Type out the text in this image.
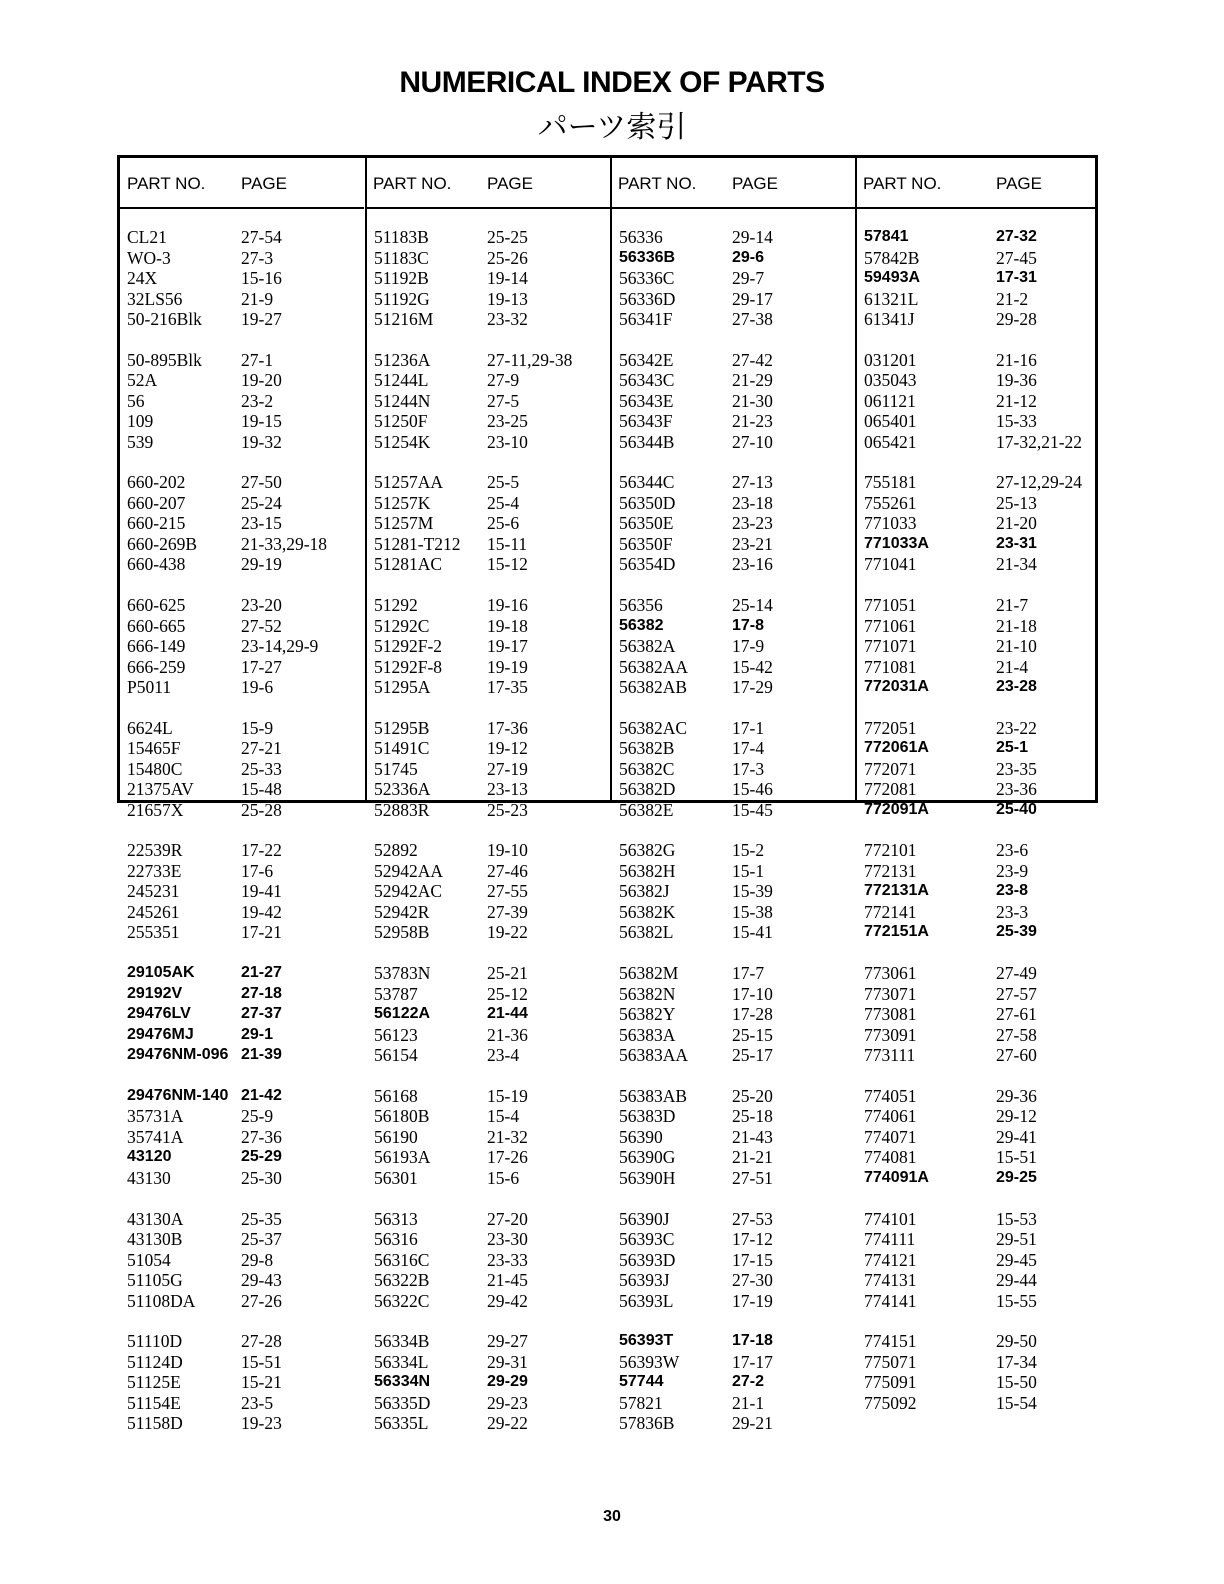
NUMERICAL INDEX OF PARTS
パーツ索引
PART NO. PAGE
CL21	27-54
WO-3	27-3
24X	15-16
32LS56	21-9
50-216Blk 19-27
50-895Blk 27-1
52A	19-20
56	23-2
109	19-15
539	19-32
660-202	27-50
660-207	25-24
660-215	23-15
660-269B	21-33,29-18
660-438	29-19
660-625	23-20
660-665	27-52
666-149	23-14,29-9
666-259	17-27
P5011	19-6
6624L	15-9
15465F	27-21
15480C	25-33
21375AV	15-48
21657X	25-28
22539R	17-22
22733E	17-6
245231	19-41
245261	19-42
255351	17-21
29105AK	21-27
29192V	27-18
29476LV	27-37
29476MJ	29-1
29476NM-096 21-39
29476NM-140 21-42
35731A	25-9
35741A	27-36
43120	25-29
43130	25-30
43130A	25-35
43130B	25-37
51054	29-8
51105G	29-43
51108DA	27-26
51110D	27-28
51124D	15-51
51125E	15-21
51154E	23-5
51158D	19-23
PART NO. PAGE
51183B	25-25
51183C	25-26
51192B	19-14
51192G	19-13
51216M	23-32
51236A	27-11,29-38
51244L	27-9
51244N	27-5
51250F	23-25
51254K	23-10
51257AA	25-5
51257K	25-4
51257M	25-6
51281-T212 15-11
51281AC	15-12
51292	19-16
51292C	19-18
51292F-2	19-17
51292F-8	19-19
51295A	17-35
51295B	17-36
51491C	19-12
51745	27-19
52336A	23-13
52883R	25-23
52892	19-10
52942AA	27-46
52942AC	27-55
52942R	27-39
52958B	19-22
53783N	25-21
53787	25-12
56122A	21-44
56123	21-36
56154	23-4
56168	15-19
56180B	15-4
56190	21-32
56193A	17-26
56301	15-6
56313	27-20
56316	23-30
56316C	23-33
56322B	21-45
56322C	29-42
56334B	29-27
56334L	29-31
56334N	29-29
56335D	29-23
56335L	29-22
PART NO. PAGE
56336	29-14
56336B	29-6
56336C	29-7
56336D	29-17
56341F	27-38
56342E	27-42
56343C	21-29
56343E	21-30
56343F	21-23
56344B	27-10
56344C	27-13
56350D	23-18
56350E	23-23
56350F	23-21
56354D	23-16
56356	25-14
56382	17-8
56382A	17-9
56382AA	15-42
56382AB	17-29
56382AC	17-1
56382B	17-4
56382C	17-3
56382D	15-46
56382E	15-45
56382G	15-2
56382H	15-1
56382J	15-39
56382K	15-38
56382L	15-41
56382M	17-7
56382N	17-10
56382Y	17-28
56383A	25-15
56383AA	25-17
56383AB	25-20
56383D	25-18
56390	21-43
56390G	21-21
56390H	27-51
56390J	27-53
56393C	17-12
56393D	17-15
56393J	27-30
56393L	17-19
56393T	17-18
56393W	17-17
57744	27-2
57821	21-1
57836B	29-21
PART NO.	PAGE
57841	27-32
57842B	27-45
59493A	17-31
61321L	21-2
61341J	29-28
031201	21-16
035043	19-36
061121	21-12
065401	15-33
065421	17-32,21-22
755181	27-12,29-24
755261	25-13
771033	21-20
771033A	23-31
771041	21-34
771051	21-7
771061	21-18
771071	21-10
771081	21-4
772031A	23-28
772051	23-22
772061A	25-1
772071	23-35
772081	23-36
772091A	25-40
772101	23-6
772131	23-9
772131A	23-8
772141	23-3
772151A	25-39
773061	27-49
773071	27-57
773081	27-61
773091	27-58
773111	27-60
774051	29-36
774061	29-12
774071	29-41
774081	15-51
774091A	29-25
774101	15-53
774111	29-51
774121	29-45
774131	29-44
774141	15-55
774151	29-50
775071	17-34
775091	15-50
775092	15-54
30
